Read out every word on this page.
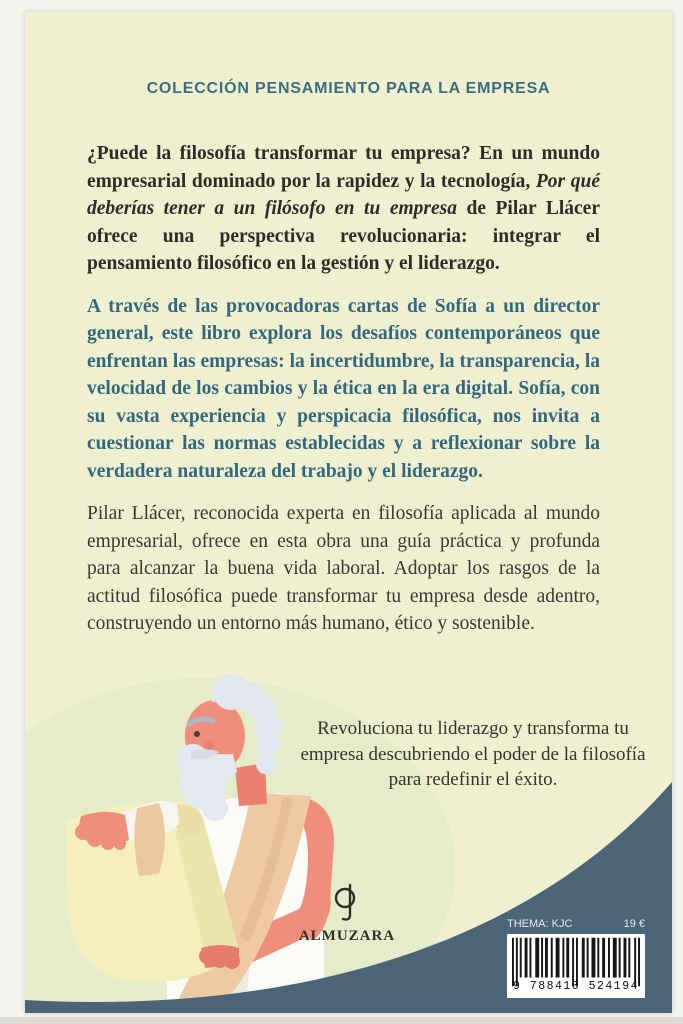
COLECCIÓN PENSAMIENTO PARA LA EMPRESA

¿Puede la filosofía transformar tu empresa? En un mundo empresarial dominado por la rapidez y la tecnología, Por qué deberías tener a un filósofo en tu empresa de Pilar Llácer ofrece una perspectiva revolucionaria: integrar el pensamiento filosófico en la gestión y el liderazgo.

A través de las provocadoras cartas de Sofía a un director general, este libro explora los desafíos contemporáneos que enfrentan las empresas: la incertidumbre, la transparencia, la velocidad de los cambios y la ética en la era digital. Sofía, con su vasta experiencia y perspicacia filosófica, nos invita a cuestionar las normas establecidas y a reflexionar sobre la verdadera naturaleza del trabajo y el liderazgo.

Pilar Llácer, reconocida experta en filosofía aplicada al mundo empresarial, ofrece en esta obra una guía práctica y profunda para alcanzar la buena vida laboral. Adoptar los rasgos de la actitud filosófica puede transformar tu empresa desde adentro, construyendo un entorno más humano, ético y sostenible.

Revoluciona tu liderazgo y transforma tu empresa descubriendo el poder de la filosofía para redefinir el éxito.
ALMUZARA
THEMA: KJC	19 €
9 788410 524194
